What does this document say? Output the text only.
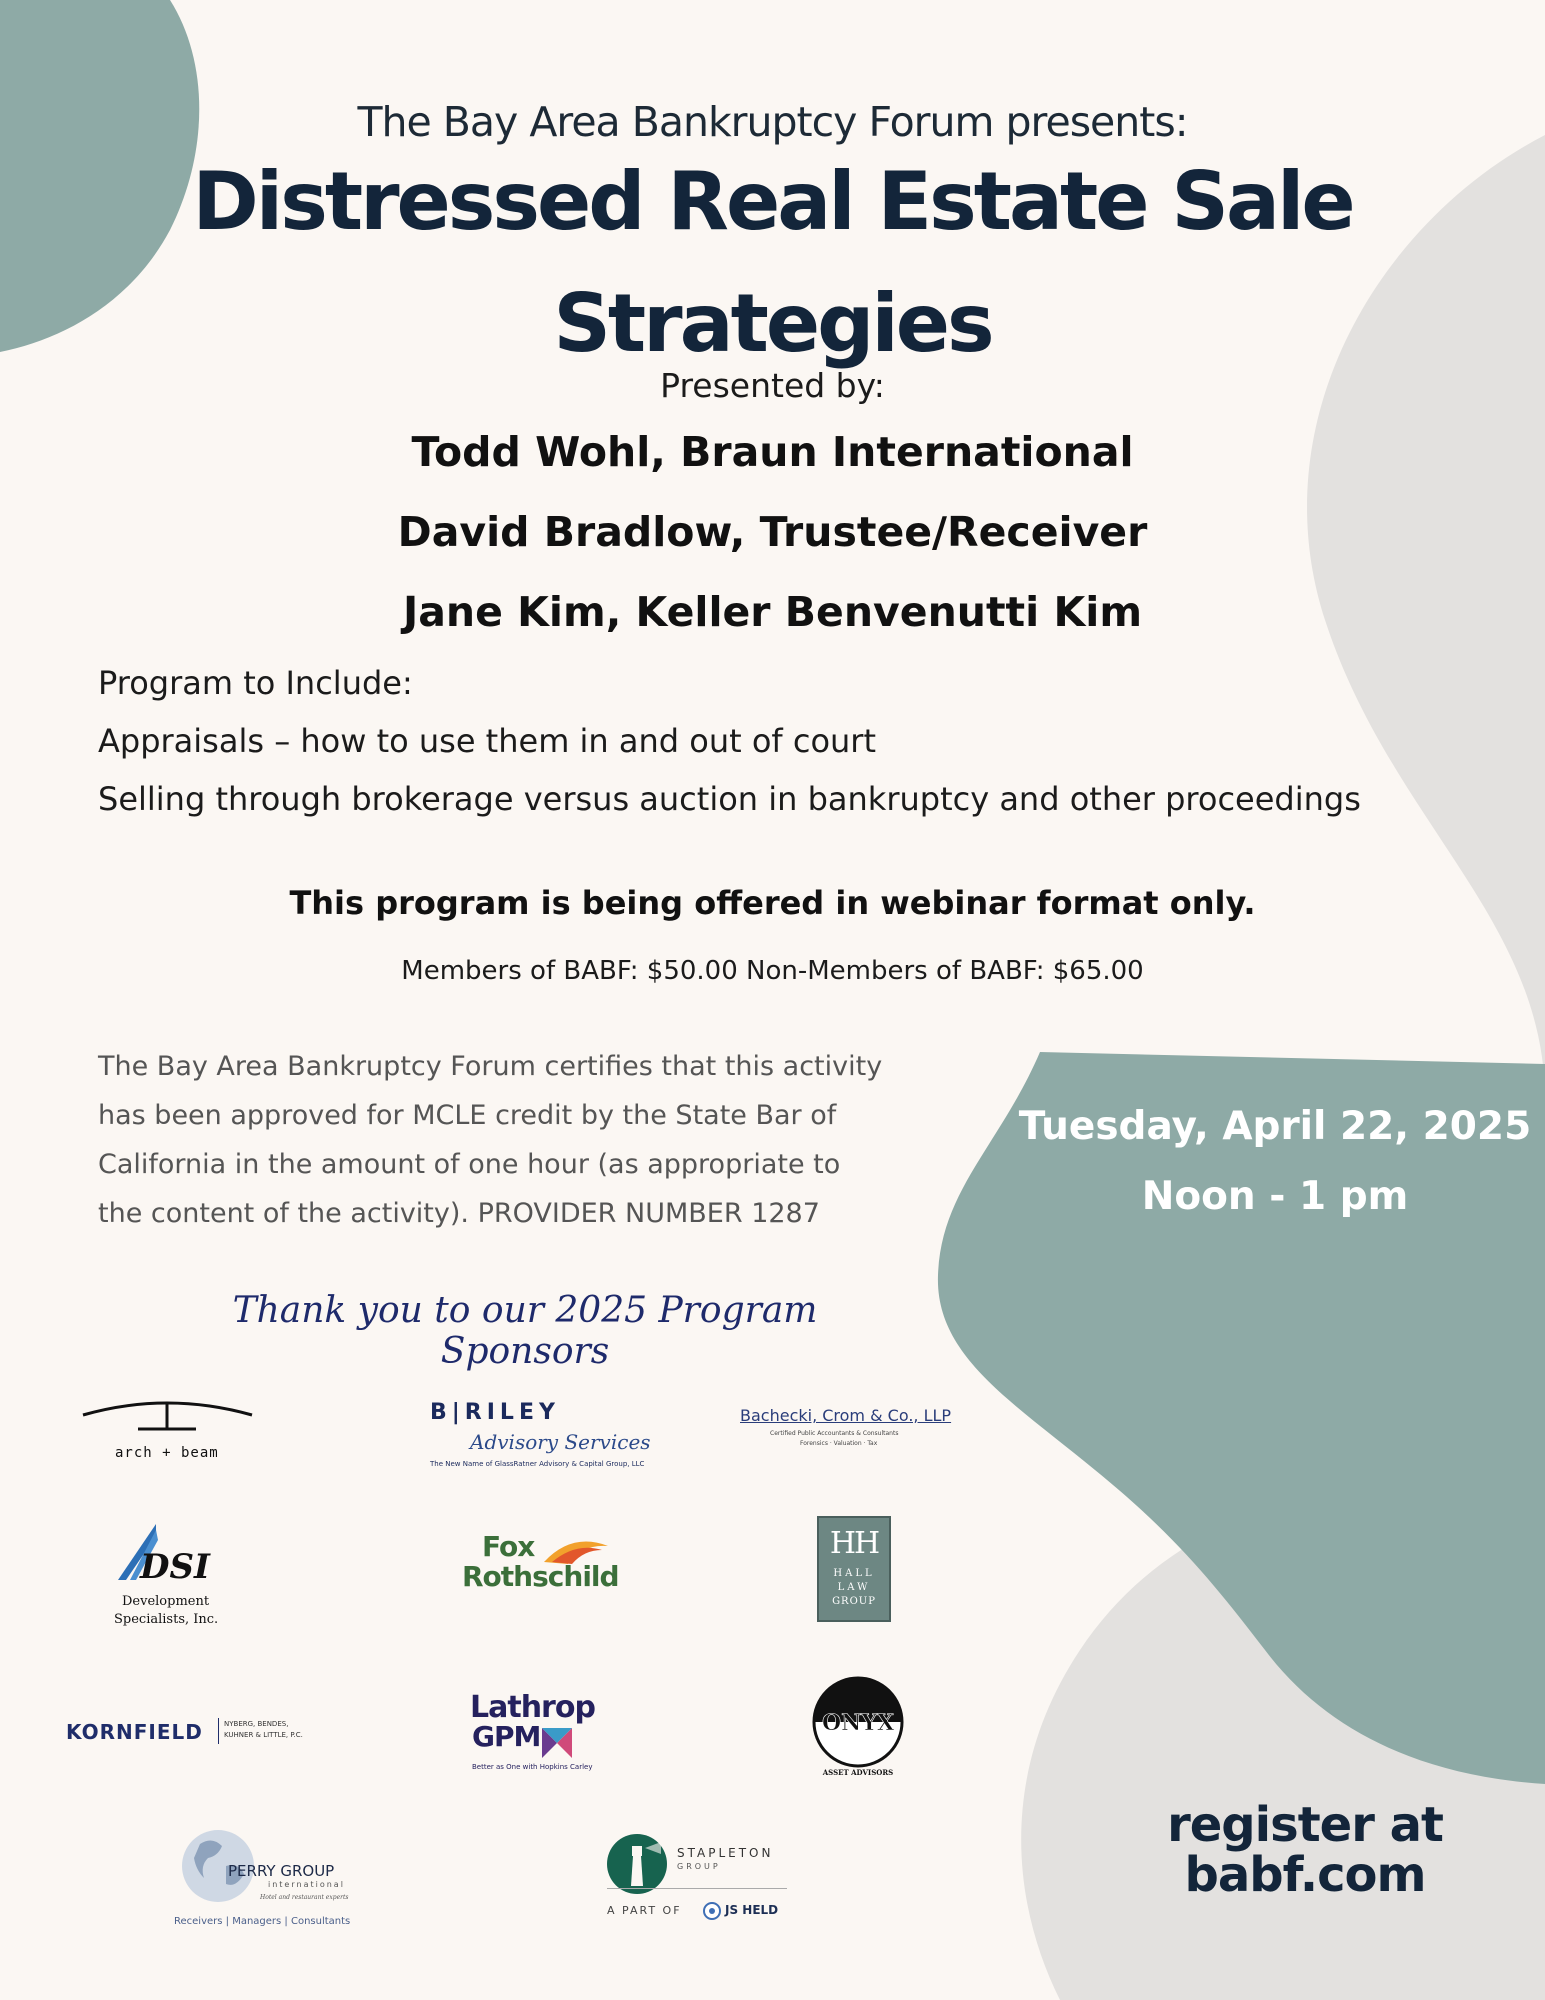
The Bay Area Bankruptcy Forum presents:
Distressed Real Estate Sale
Strategies
Presented by:
Todd Wohl, Braun International
David Bradlow, Trustee/Receiver
Jane Kim, Keller Benvenutti Kim
Program to Include:
Appraisals – how to use them in and out of court
Selling through brokerage versus auction in bankruptcy and other proceedings
This program is being offered in webinar format only.
Members of BABF: $50.00 Non-Members of BABF: $65.00

The Bay Area Bankruptcy Forum certifies that this activity

has been approved for MCLE credit by the State Bar of

California in the amount of one hour (as appropriate to

the content of the activity). PROVIDER NUMBER 1287

Tuesday, April 22, 2025
Noon - 1 pm
Thank you to our 2025 Program Sponsors
arch + beam
B|RILEY
Advisory Services
The New Name of GlassRatner Advisory & Capital Group, LLC
Bachecki, Crom & Co., LLP
Certified Public Accountants & Consultants
Forensics · Valuation · Tax
DSI
Development
Specialists, Inc.
Fox
Rothschild
HH
HALL
LAW
GROUP
KORNFIELD	NYBERG, BENDES,
KUHNER & LITTLE, P.C.
Lathrop
GPM
Better as One with Hopkins Carley
ONYX
ASSET ADVISORS
PERRY GROUP
international
Hotel and restaurant experts
Receivers | Managers | Consultants
STAPLETON
GROUP
A PART OF	JS HELD
register at
babf.com
